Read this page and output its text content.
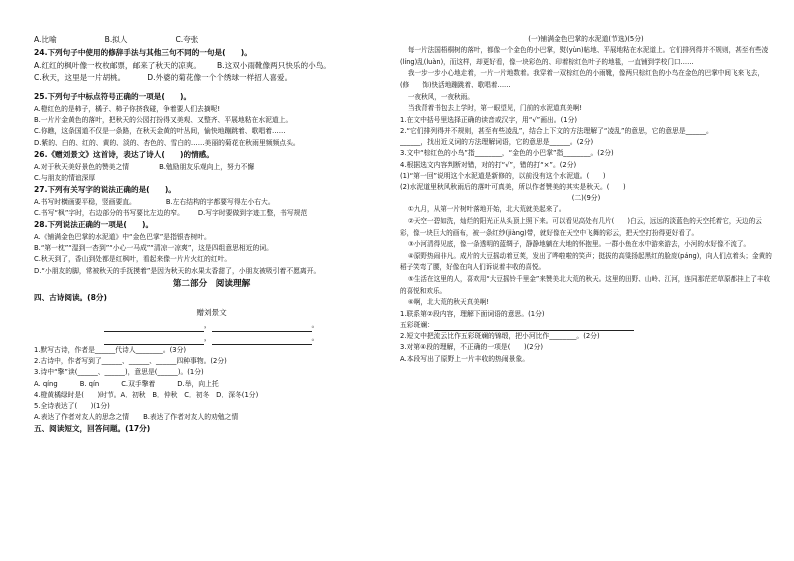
A.比喻	B.拟人	C.夸张
24.下列句子中使用的修辞手法与其他三句不同的一句是(　　)。
A.红红的枫叶像一枚枚邮票，邮来了秋天的凉爽。 B.这双小雨靴像两只快乐的小鸟。
C.秋天，这里是一片胡桃。	D.外婆的菊花像一个个绣球一样招人喜爱。
25.下列句子中标点符号正确的一项是(　　)。
A.橙红色的是柿子，橘子、柿子你挤我碰，争着要人们去摘呢!
B.一片片金黄色的落叶，把秋天的公园打扮得又美观、又整齐、平展地粘在水泥道上。
C.你瞧，这条国道不仅是一条路，在秋天金黄的叶丛间，愉快地蹦跳着、歌唱着……
D.紫的、白的、红的、黄的、淡的、杏色的、雪白的……美丽的菊花在秋雨里频频点头。
26.《赠刘景文》这首诗，表达了诗人(　　)的情感。
A.对于秋天美好景色的赞美之情	B.勉励朋友乐观向上，努力不懈
C.与朋友的情谊深厚
27.下列有关写字的说法正确的是(　　)。
A.书写时横画要平稳，竖画要直。	B.左右结构的字都要写得左小右大。
C.书写“枫”字时，右边部分的书写要比左边的窄。 D.写字时要做到字迹工整，书写规范
28.下列说法正确的一项是(　　)。
A.《铺满金色巴掌的水泥道》中“金色巴掌”是指银杏树叶。
B.“第一枕”“湿到一杏到”“小心一马成”“清凉一凉爽”，这是四组意思相近的词。
C.秋天到了，香山到处都是红枫叶，看起来像一片片火红的红叶。
D.“小朋友的脚，常被秋天的手抚摸着”是因为秋天的水果太香甜了，小朋友被吸引着不愿离开。
第二部分　阅读理解
四、古诗阅读。(8分)
赠刘景文
，	。
，	。
1.默写古诗，作者是______代诗人________。(3分)
2.古诗中，作者写到了______、______、______四种事物。(2分)
3.诗中“擎”读(______、______)，意思是(______)。(1分)
A. qíng	B. qín	C.双手擎着	D.举，向上托
4.橙黄橘绿时是(　　)时节。A．初秋　B．仲秋　C．初冬　D．深冬(1分)
5.全诗表达了(　　)(1分)
A.表达了作者对友人的思念之情 B.表达了作者对友人的劝勉之情
五、阅读短文，回答问题。(17分)
(一)铺满金色巴掌的水泥道(节选)(5分)
每一片法国梧桐树的落叶，都像一个金色的小巴掌，熨(yùn)帖地、平展地粘在水泥道上。它们排列得并不规则，甚至有些凌(líng)乱(luàn)，而这样，却更好看，像一块彩色的、印着棕红色叶子的地毯，一直铺到学校门口……
我一步一步小心地走着，一片一片地数着。我穿着一双棕红色的小雨靴，像两只棕红色的小鸟在金色的巴掌中间飞来飞去，(修　　饰)快活地蹦跳着、歌唱着……
一夜秋风，一夜秋雨。
当我背着书包去上学时，第一眼望见，门前的水泥道真美啊!
1.在文中括号里选择正确的读音或汉字，用“√”画出。(1分)
2.“它们排列得并不规则，甚至有些凌乱”，结合上下文的方法理解了“凌乱”的意思，它的意思是______。
______，找出近义词的方法理解词语，它的意思是______。(2分)
3.文中“棕红色的小鸟”指________，“金色的小巴掌”指________。(2分)
4.根据选文内容判断对错，对的打“√”，错的打“×”。(2分)
(1)“第一回”说明这个水泥道是新修的，以前没有这个水泥道。(　　)
(2)水泥道里秋风秋雨后的落叶可真美，所以作者赞美的其实是秋天。(　　)
(二)(9分)
①九月，从第一片树叶落地开始，北大荒就美起来了。
②天空一碧如洗，灿烂的阳光正从头顶上照下来。可以看见高处有几片(　　)白云，远远的淡蓝色的天空托着它，天边的云彩，像一块巨大的画布，被一条红纱(jiàng)带，就好像在天空中飞舞的彩云，把天空打扮得更好看了。
③小河清得见底，像一条透明的蓝绸子，静静地躺在大地的怀抱里。一群小鱼在水中游来游去，小河的水好像不流了。
④原野热闹非凡。成片的大豆摇动着豆荚，发出了哗啦啦的笑声；挺拔的高粱扬起黑红的脸庞(páng)，向人们点着头；金黄的稻子笑弯了腰，好像在向人们诉说着丰收的喜悦。
⑤生活在这里的人，喜欢用“大豆摇铃千里金”来赞美北大荒的秋天。这里的田野、山岭、江河，连同那茫茫草原都挂上了丰收的喜悦和欢乐。
⑥啊，北大荒的秋天真美啊!
1.联系第②段内容，理解下面词语的意思。(1分)
五彩斑斓：
2.短文中把流云比作五彩斑斓的锦缎，把小河比作________。(2分)
3.对第④段的理解，不正确的一项是(　　)(2分)
A.本段写出了原野上一片丰收的热闹景象。
